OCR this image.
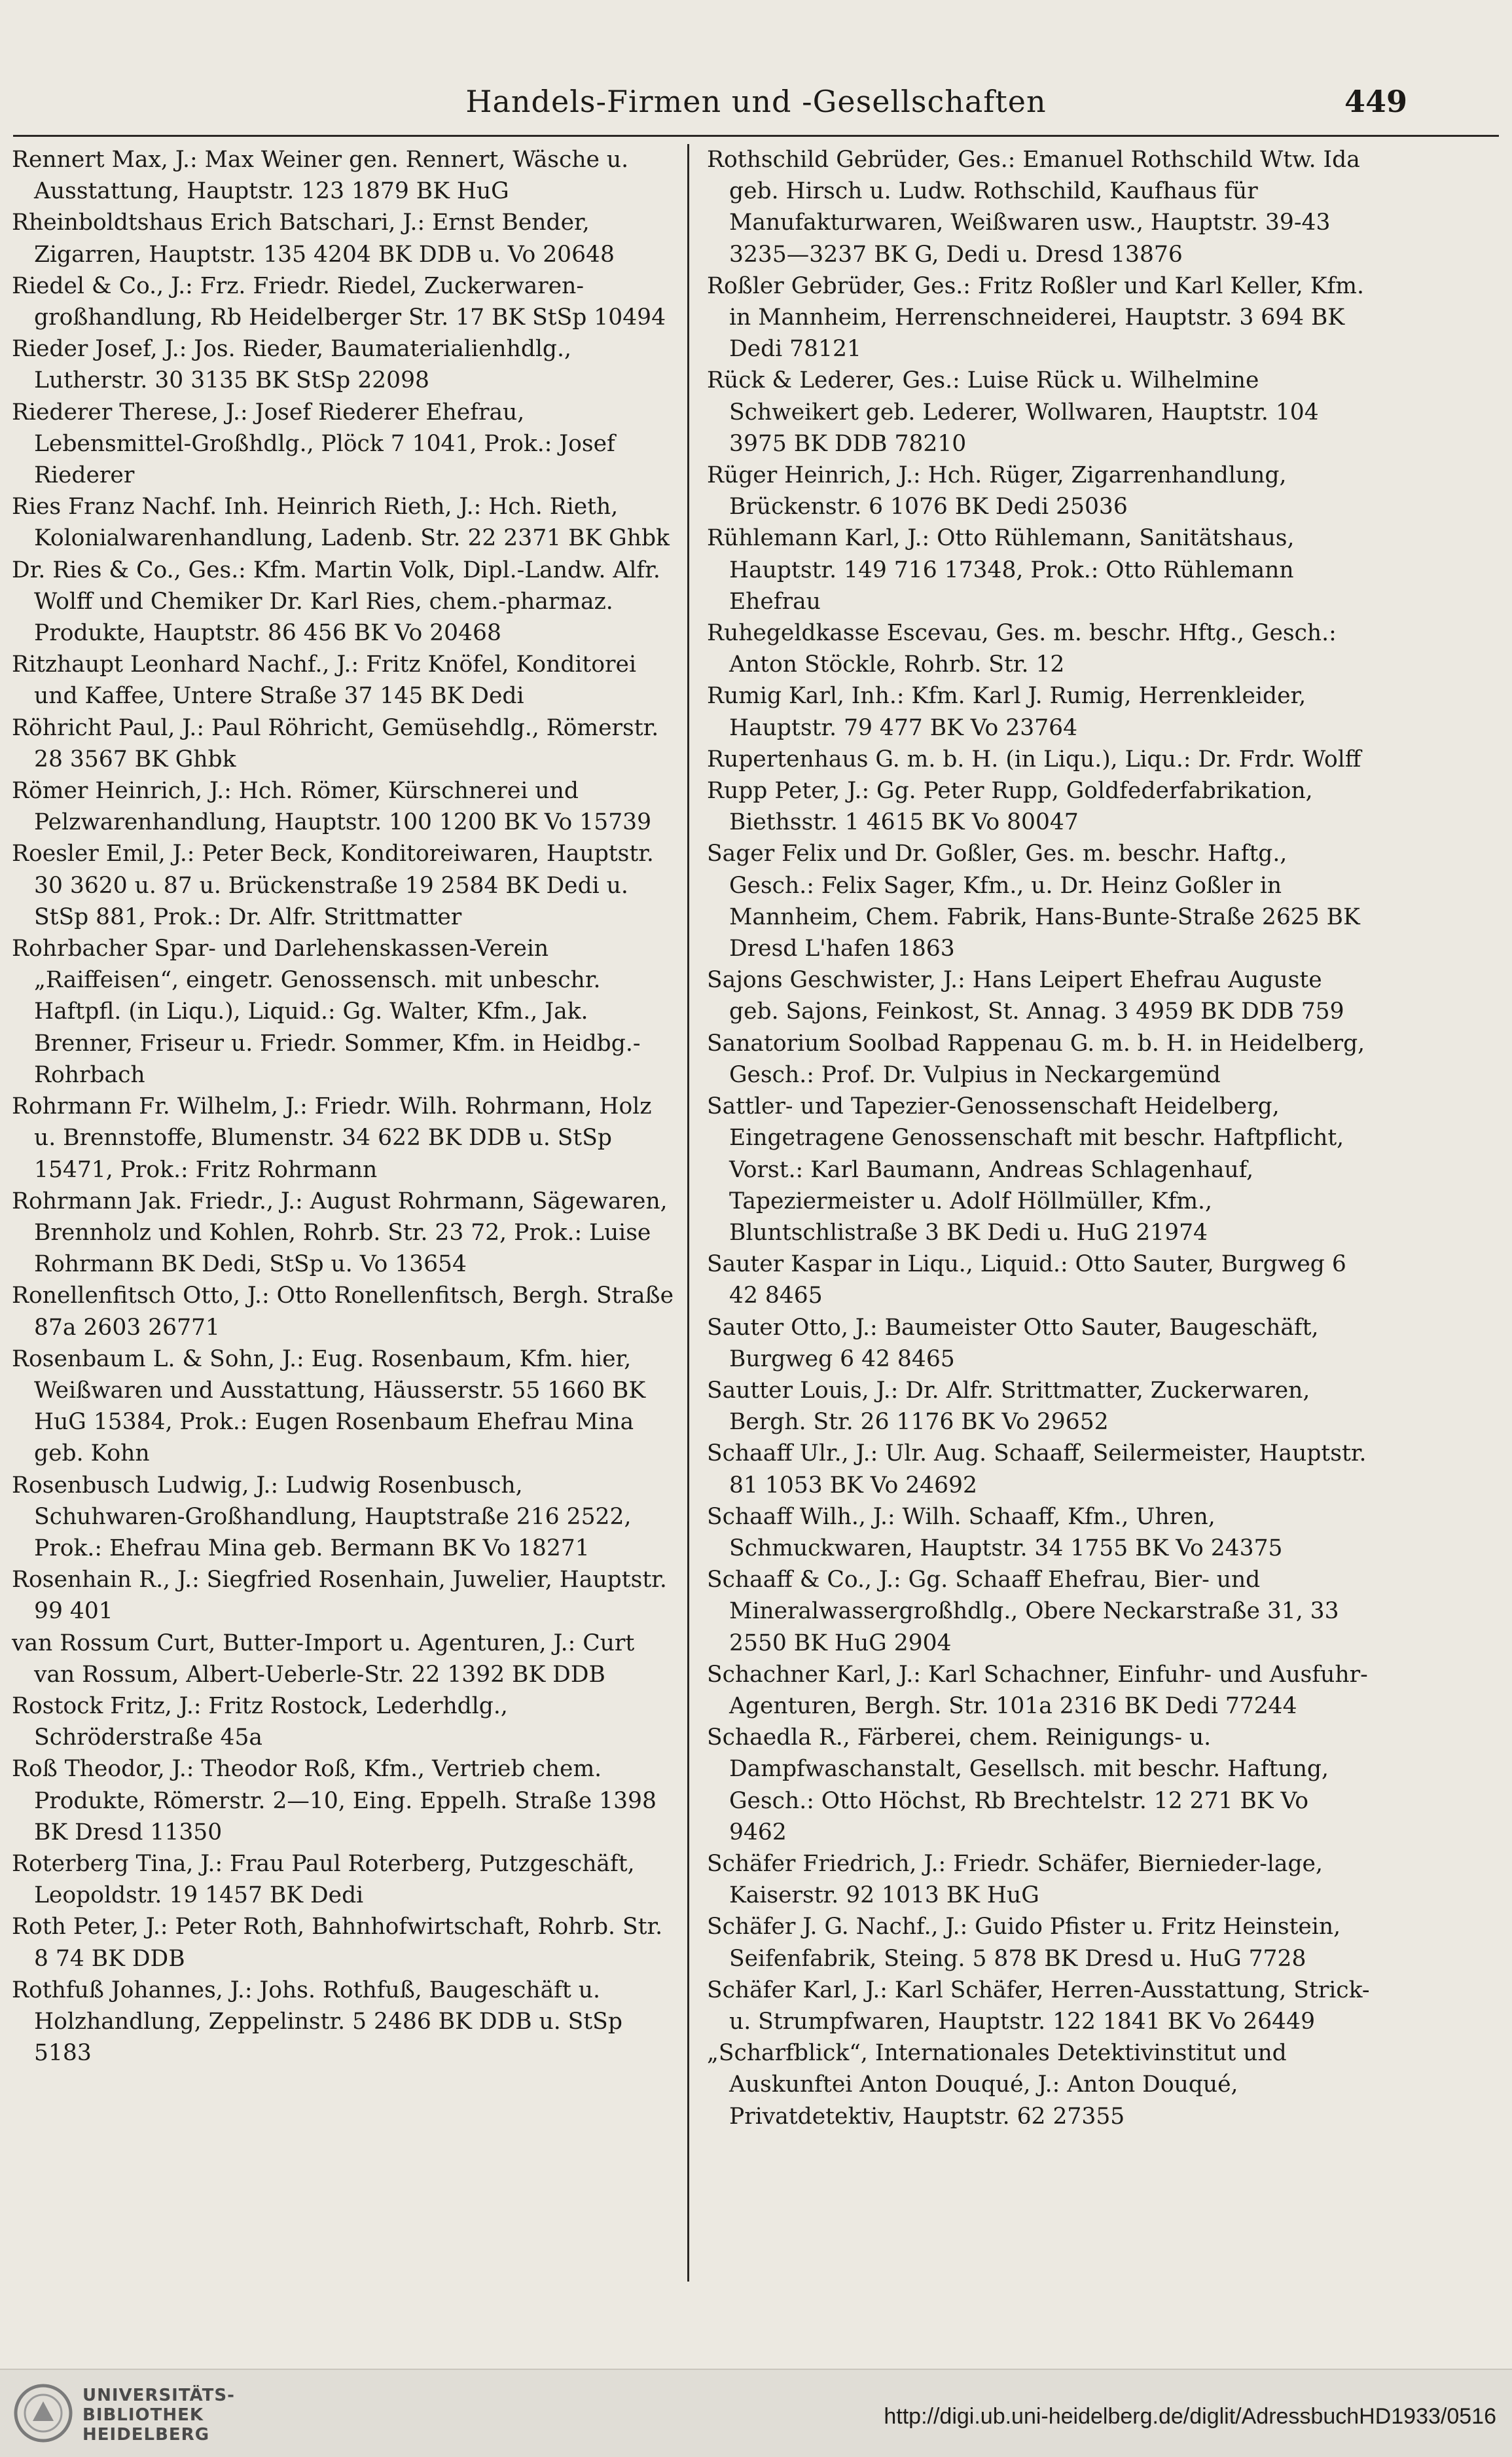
Handels-Firmen und -Gesellschaften	449

Rennert Max, J.: Max Weiner gen. Rennert, Wäsche u. Ausstattung, Hauptstr. 123 1879 BK HuG

Rheinboldtshaus Erich Batschari, J.: Ernst Bender, Zigarren, Hauptstr. 135 4204 BK DDB u. Vo 20648

Riedel & Co., J.: Frz. Friedr. Riedel, Zuckerwaren-großhandlung, Rb Heidelberger Str. 17 BK StSp 10494

Rieder Josef, J.: Jos. Rieder, Baumaterialienhdlg., Lutherstr. 30 3135 BK StSp 22098

Riederer Therese, J.: Josef Riederer Ehefrau, Lebensmittel-Großhdlg., Plöck 7 1041, Prok.: Josef Riederer

Ries Franz Nachf. Inh. Heinrich Rieth, J.: Hch. Rieth, Kolonialwarenhandlung, Ladenb. Str. 22 2371 BK Ghbk

Dr. Ries & Co., Ges.: Kfm. Martin Volk, Dipl.-Landw. Alfr. Wolff und Chemiker Dr. Karl Ries, chem.-pharmaz. Produkte, Hauptstr. 86 456 BK Vo 20468

Ritzhaupt Leonhard Nachf., J.: Fritz Knöfel, Konditorei und Kaffee, Untere Straße 37 145 BK Dedi

Röhricht Paul, J.: Paul Röhricht, Gemüsehdlg., Römerstr. 28 3567 BK Ghbk

Römer Heinrich, J.: Hch. Römer, Kürschnerei und Pelzwarenhandlung, Hauptstr. 100 1200 BK Vo 15739

Roesler Emil, J.: Peter Beck, Konditoreiwaren, Hauptstr. 30 3620 u. 87 u. Brückenstraße 19 2584 BK Dedi u. StSp 881, Prok.: Dr. Alfr. Strittmatter

Rohrbacher Spar- und Darlehenskassen-Verein „Raiffeisen“, eingetr. Genossensch. mit unbeschr. Haftpfl. (in Liqu.), Liquid.: Gg. Walter, Kfm., Jak. Brenner, Friseur u. Friedr. Sommer, Kfm. in Heidbg.-Rohrbach

Rohrmann Fr. Wilhelm, J.: Friedr. Wilh. Rohrmann, Holz u. Brennstoffe, Blumenstr. 34 622 BK DDB u. StSp 15471, Prok.: Fritz Rohrmann

Rohrmann Jak. Friedr., J.: August Rohrmann, Sägewaren, Brennholz und Kohlen, Rohrb. Str. 23 72, Prok.: Luise Rohrmann BK Dedi, StSp u. Vo 13654

Ronellenfitsch Otto, J.: Otto Ronellenfitsch, Bergh. Straße 87a 2603 26771

Rosenbaum L. & Sohn, J.: Eug. Rosenbaum, Kfm. hier, Weißwaren und Ausstattung, Häusserstr. 55 1660 BK HuG 15384, Prok.: Eugen Rosenbaum Ehefrau Mina geb. Kohn

Rosenbusch Ludwig, J.: Ludwig Rosenbusch, Schuhwaren-Großhandlung, Hauptstraße 216 2522, Prok.: Ehefrau Mina geb. Bermann BK Vo 18271

Rosenhain R., J.: Siegfried Rosenhain, Juwelier, Hauptstr. 99 401

van Rossum Curt, Butter-Import u. Agenturen, J.: Curt van Rossum, Albert-Ueberle-Str. 22 1392 BK DDB

Rostock Fritz, J.: Fritz Rostock, Lederhdlg., Schröderstraße 45a

Roß Theodor, J.: Theodor Roß, Kfm., Vertrieb chem. Produkte, Römerstr. 2—10, Eing. Eppelh. Straße 1398 BK Dresd 11350

Roterberg Tina, J.: Frau Paul Roterberg, Putzgeschäft, Leopoldstr. 19 1457 BK Dedi

Roth Peter, J.: Peter Roth, Bahnhofwirtschaft, Rohrb. Str. 8 74 BK DDB

Rothfuß Johannes, J.: Johs. Rothfuß, Baugeschäft u. Holzhandlung, Zeppelinstr. 5 2486 BK DDB u. StSp 5183

Rothschild Gebrüder, Ges.: Emanuel Rothschild Wtw. Ida geb. Hirsch u. Ludw. Rothschild, Kaufhaus für Manufakturwaren, Weißwaren usw., Hauptstr. 39-43 3235—3237 BK G, Dedi u. Dresd 13876

Roßler Gebrüder, Ges.: Fritz Roßler und Karl Keller, Kfm. in Mannheim, Herrenschneiderei, Hauptstr. 3 694 BK Dedi 78121

Rück & Lederer, Ges.: Luise Rück u. Wilhelmine Schweikert geb. Lederer, Wollwaren, Hauptstr. 104 3975 BK DDB 78210

Rüger Heinrich, J.: Hch. Rüger, Zigarrenhandlung, Brückenstr. 6 1076 BK Dedi 25036

Rühlemann Karl, J.: Otto Rühlemann, Sanitätshaus, Hauptstr. 149 716 17348, Prok.: Otto Rühlemann Ehefrau

Ruhegeldkasse Escevau, Ges. m. beschr. Hftg., Gesch.: Anton Stöckle, Rohrb. Str. 12

Rumig Karl, Inh.: Kfm. Karl J. Rumig, Herrenkleider, Hauptstr. 79 477 BK Vo 23764

Rupertenhaus G. m. b. H. (in Liqu.), Liqu.: Dr. Frdr. Wolff

Rupp Peter, J.: Gg. Peter Rupp, Goldfederfabrikation, Biethsstr. 1 4615 BK Vo 80047

Sager Felix und Dr. Goßler, Ges. m. beschr. Haftg., Gesch.: Felix Sager, Kfm., u. Dr. Heinz Goßler in Mannheim, Chem. Fabrik, Hans-Bunte-Straße 2625 BK Dresd L'hafen 1863

Sajons Geschwister, J.: Hans Leipert Ehefrau Auguste geb. Sajons, Feinkost, St. Annag. 3 4959 BK DDB 759

Sanatorium Soolbad Rappenau G. m. b. H. in Heidelberg, Gesch.: Prof. Dr. Vulpius in Neckargemünd

Sattler- und Tapezier-Genossenschaft Heidelberg, Eingetragene Genossenschaft mit beschr. Haftpflicht, Vorst.: Karl Baumann, Andreas Schlagenhauf, Tapeziermeister u. Adolf Höllmüller, Kfm., Bluntschlistraße 3 BK Dedi u. HuG 21974

Sauter Kaspar in Liqu., Liquid.: Otto Sauter, Burgweg 6 42 8465

Sauter Otto, J.: Baumeister Otto Sauter, Baugeschäft, Burgweg 6 42 8465

Sautter Louis, J.: Dr. Alfr. Strittmatter, Zuckerwaren, Bergh. Str. 26 1176 BK Vo 29652

Schaaff Ulr., J.: Ulr. Aug. Schaaff, Seilermeister, Hauptstr. 81 1053 BK Vo 24692

Schaaff Wilh., J.: Wilh. Schaaff, Kfm., Uhren, Schmuckwaren, Hauptstr. 34 1755 BK Vo 24375

Schaaff & Co., J.: Gg. Schaaff Ehefrau, Bier- und Mineralwassergroßhdlg., Obere Neckarstraße 31, 33 2550 BK HuG 2904

Schachner Karl, J.: Karl Schachner, Einfuhr- und Ausfuhr-Agenturen, Bergh. Str. 101a 2316 BK Dedi 77244

Schaedla R., Färberei, chem. Reinigungs- u. Dampfwaschanstalt, Gesellsch. mit beschr. Haftung, Gesch.: Otto Höchst, Rb Brechtelstr. 12 271 BK Vo 9462

Schäfer Friedrich, J.: Friedr. Schäfer, Biernieder-lage, Kaiserstr. 92 1013 BK HuG

Schäfer J. G. Nachf., J.: Guido Pfister u. Fritz Heinstein, Seifenfabrik, Steing. 5 878 BK Dresd u. HuG 7728

Schäfer Karl, J.: Karl Schäfer, Herren-Ausstattung, Strick- u. Strumpfwaren, Hauptstr. 122 1841 BK Vo 26449

„Scharfblick“, Internationales Detektivinstitut und Auskunftei Anton Douqué, J.: Anton Douqué, Privatdetektiv, Hauptstr. 62 27355

UNIVERSITÄTS-
BIBLIOTHEK
HEIDELBERG
http://digi.ub.uni-heidelberg.de/diglit/AdressbuchHD1933/0516
